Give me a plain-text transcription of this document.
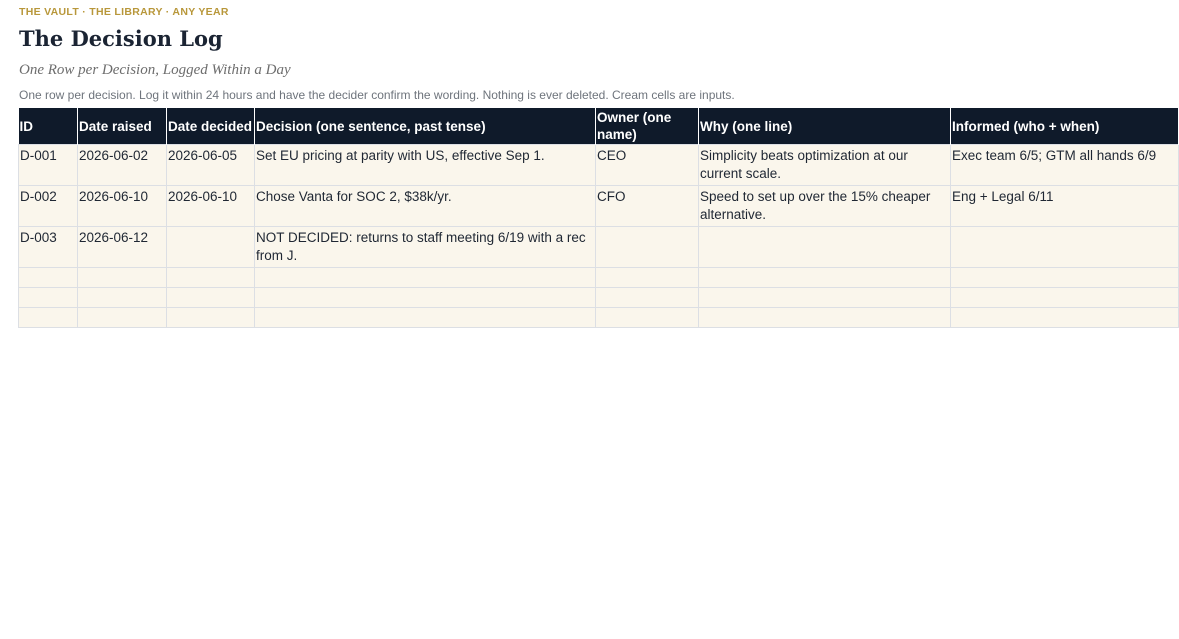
THE VAULT · THE LIBRARY · ANY YEAR
The Decision Log
One Row per Decision, Logged Within a Day
One row per decision. Log it within 24 hours and have the decider confirm the wording. Nothing is ever deleted. Cream cells are inputs.
ID	Date raised	Date decided	Decision (one sentence, past tense)	Owner (one name)	Why (one line)	Informed (who + when)
D-001	2026-06-02	2026-06-05	Set EU pricing at parity with US, effective Sep 1.	CEO	Simplicity beats optimization at our current scale.	Exec team 6/5; GTM all hands 6/9
D-002	2026-06-10	2026-06-10	Chose Vanta for SOC 2, $38k/yr.	CFO	Speed to set up over the 15% cheaper alternative.	Eng + Legal 6/11
D-003	2026-06-12		NOT DECIDED: returns to staff meeting 6/19 with a rec from J.			
